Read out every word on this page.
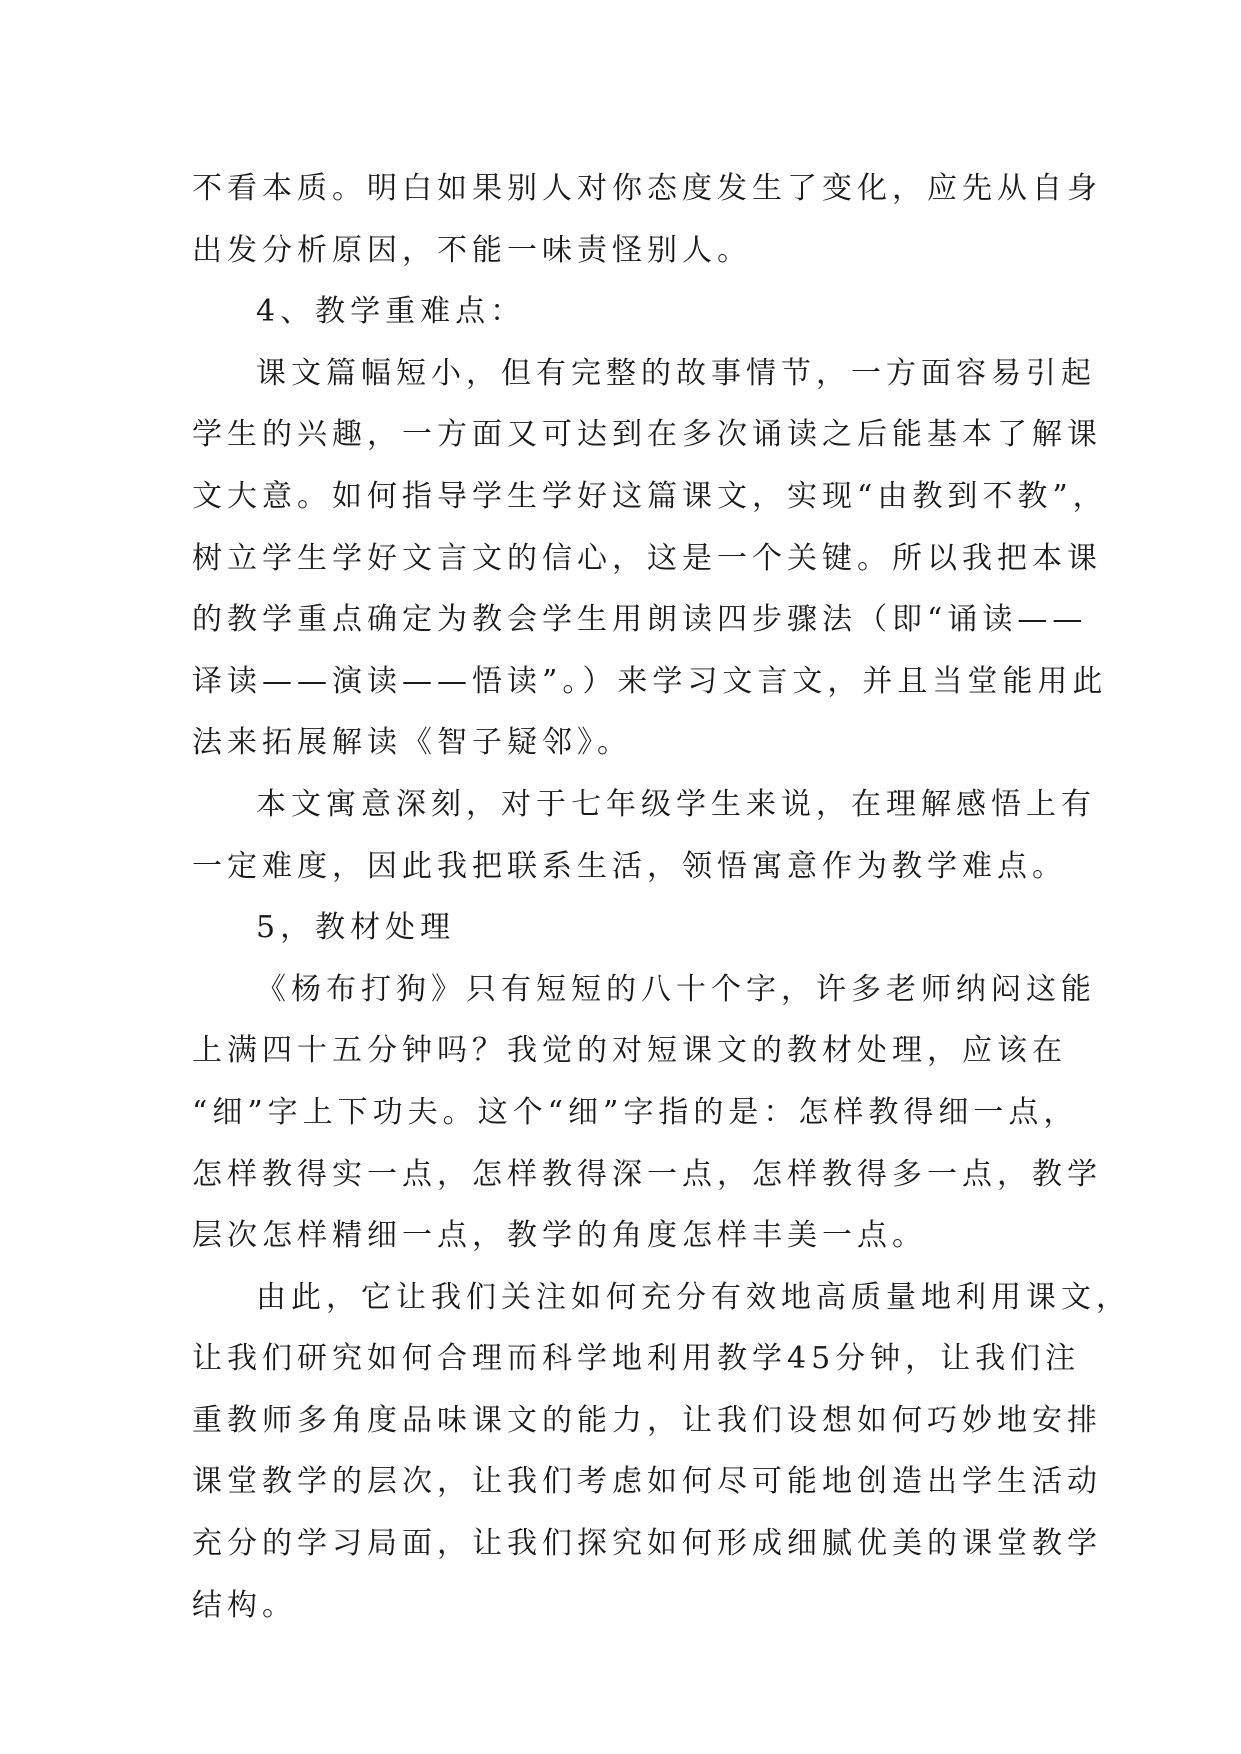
不看本质。明白如果别人对你态度发生了变化，应先从自身
出发分析原因，不能一味责怪别人。
4、教学重难点：
课文篇幅短小，但有完整的故事情节，一方面容易引起
学生的兴趣，一方面又可达到在多次诵读之后能基本了解课
文大意。如何指导学生学好这篇课文，实现“由教到不教”，
树立学生学好文言文的信心，这是一个关键。所以我把本课
的教学重点确定为教会学生用朗读四步骤法（即“诵读——
译读——演读——悟读”。）来学习文言文，并且当堂能用此
法来拓展解读《智子疑邻》。
本文寓意深刻，对于七年级学生来说，在理解感悟上有
一定难度，因此我把联系生活，领悟寓意作为教学难点。
5，教材处理
《杨布打狗》只有短短的八十个字，许多老师纳闷这能
上满四十五分钟吗？我觉的对短课文的教材处理，应该在
“细”字上下功夫。这个“细”字指的是：怎样教得细一点，
怎样教得实一点，怎样教得深一点，怎样教得多一点，教学
层次怎样精细一点，教学的角度怎样丰美一点。
由此，它让我们关注如何充分有效地高质量地利用课文，
让我们研究如何合理而科学地利用教学45分钟，让我们注
重教师多角度品味课文的能力，让我们设想如何巧妙地安排
课堂教学的层次，让我们考虑如何尽可能地创造出学生活动
充分的学习局面，让我们探究如何形成细腻优美的课堂教学
结构。
